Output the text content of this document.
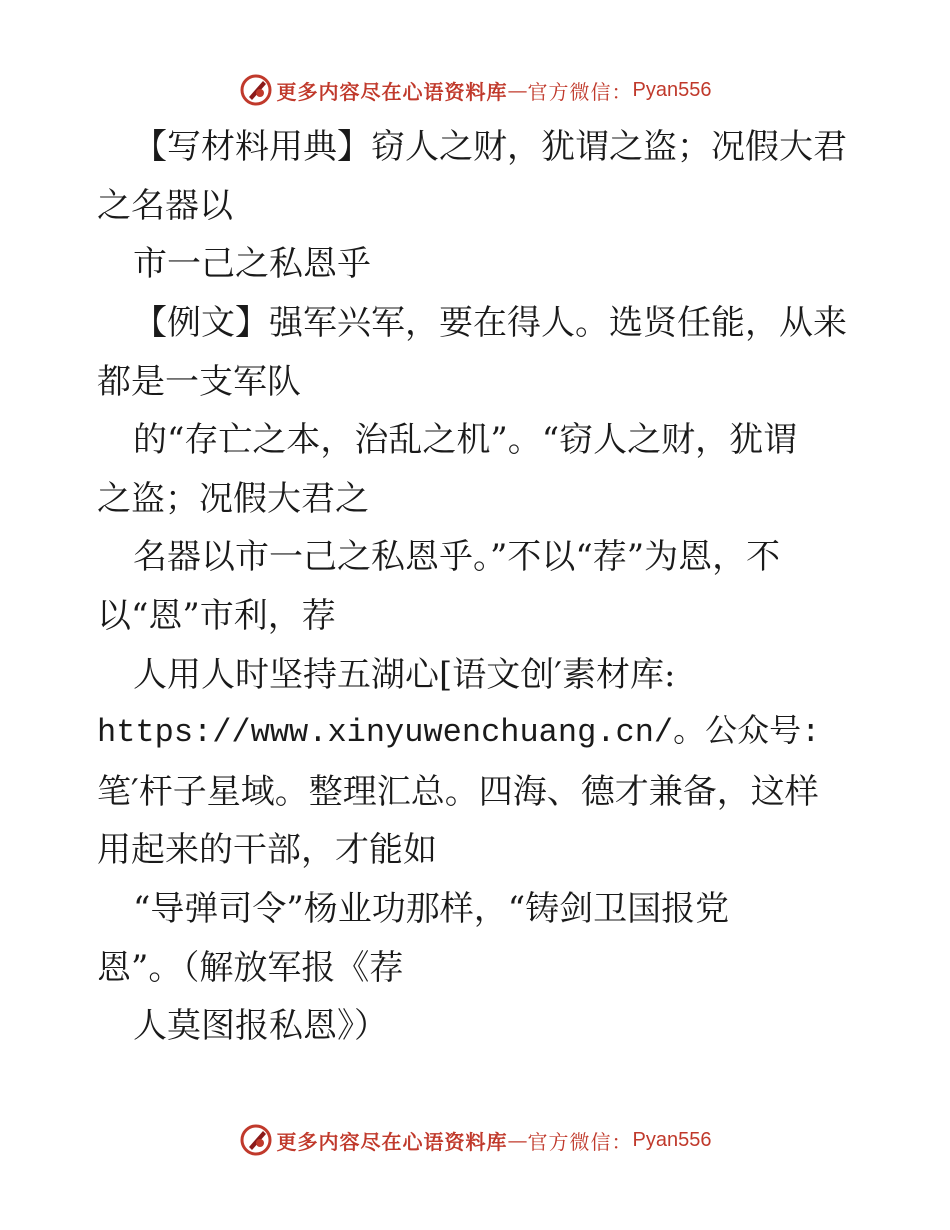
更多内容尽在心语资料库 — 官方微信： Pyan556
【写材料用典】窃人之财，犹谓之盗；况假大君
之名器以
市一己之私恩乎
【例文】强军兴军，要在得人。选贤任能，从来
都是一支军队
的“存亡之本，治乱之机”。“窃人之财，犹谓
之盗；况假大君之
名器以市一己之私恩乎。”不以“荐”为恩，不
以“恩”市利，荐
人用人时坚持五湖心[语文创′素材库:
https://www.xinyuwenchuang.cn/。公众号:
笔′杆子星域。整理汇总。四海、德才兼备，这样
用起来的干部，才能如
“导弹司令”杨业功那样，“铸剑卫国报党
恩”。（解放军报《荐
人莫图报私恩》）
更多内容尽在心语资料库 — 官方微信： Pyan556
